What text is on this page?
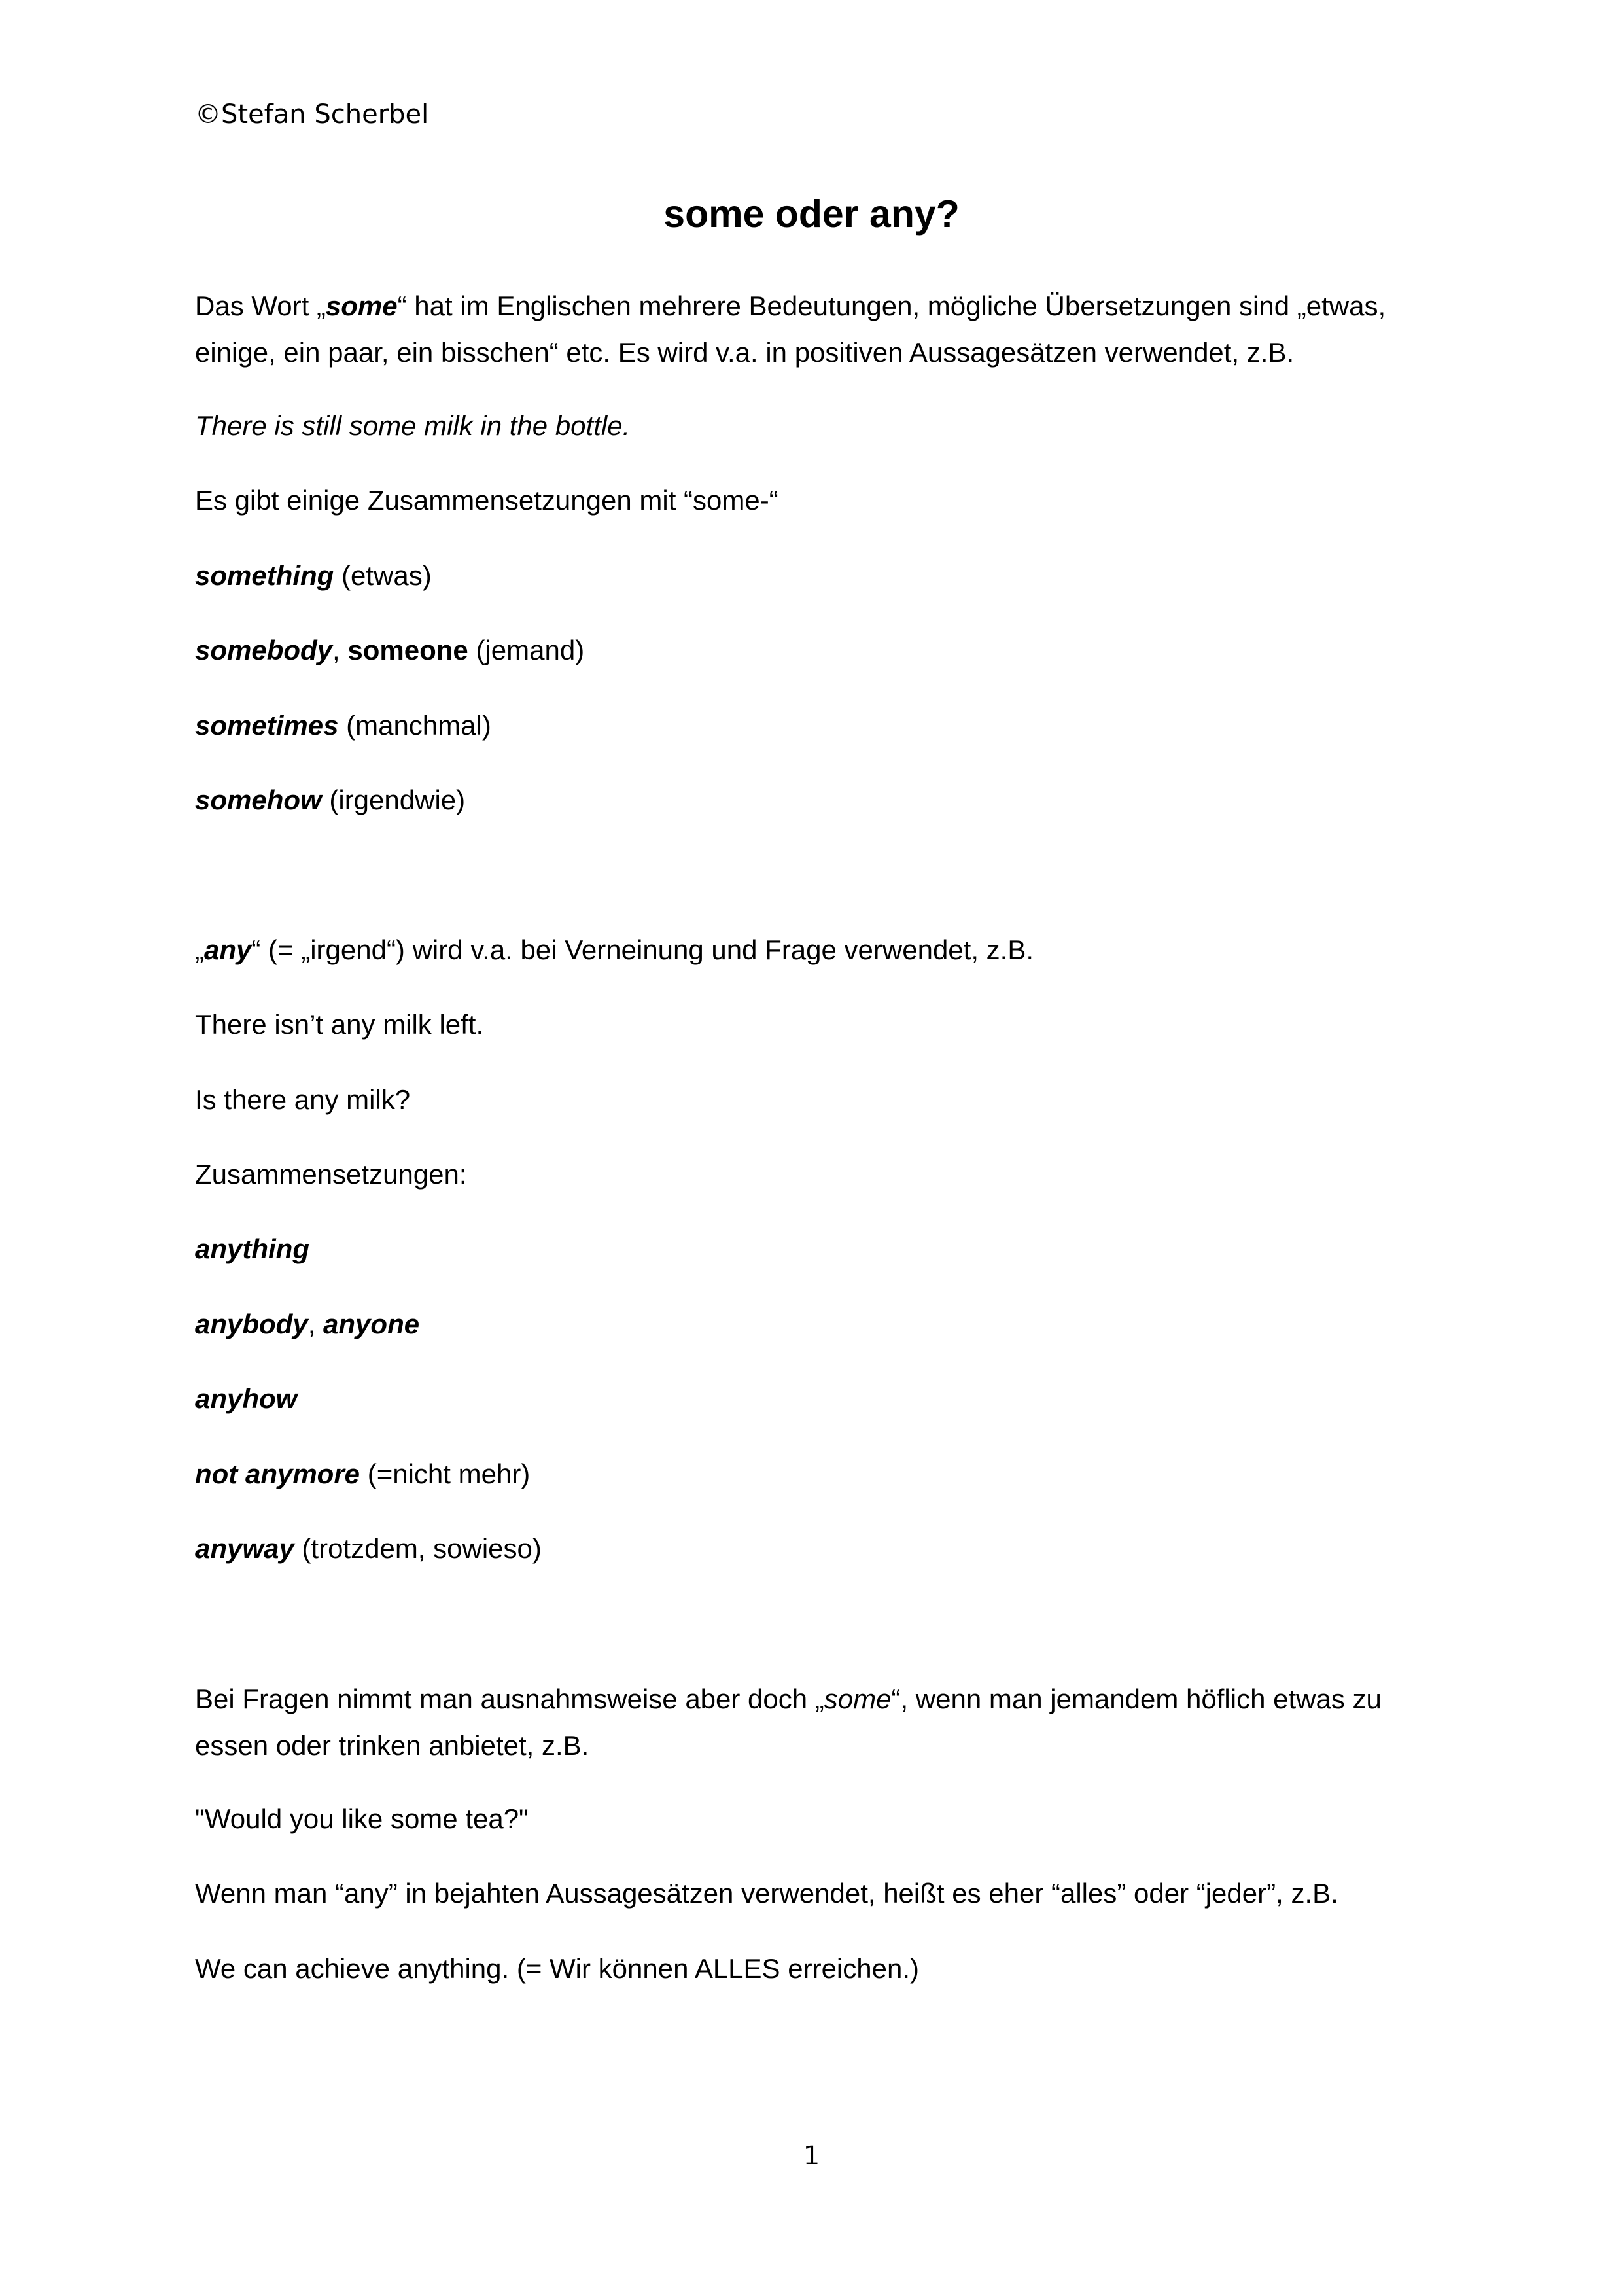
©Stefan Scherbel
some oder any?
Das Wort „some“ hat im Englischen mehrere Bedeutungen, mögliche Übersetzungen sind „etwas, einige, ein paar, ein bisschen“ etc. Es wird v.a. in positiven Aussagesätzen verwendet, z.B.
There is still some milk in the bottle.
Es gibt einige Zusammensetzungen mit “some-“
something (etwas)
somebody, someone (jemand)
sometimes (manchmal)
somehow (irgendwie)
„any“ (= „irgend“) wird v.a. bei Verneinung und Frage verwendet, z.B.
There isn’t any milk left.
Is there any milk?
Zusammensetzungen:
anything
anybody, anyone
anyhow
not anymore (=nicht mehr)
anyway (trotzdem, sowieso)
Bei Fragen nimmt man ausnahmsweise aber doch „some“, wenn man jemandem höflich etwas zu essen oder trinken anbietet, z.B.
"Would you like some tea?"
Wenn man “any” in bejahten Aussagesätzen verwendet, heißt es eher “alles” oder “jeder”, z.B.
We can achieve anything. (= Wir können ALLES erreichen.)
1
